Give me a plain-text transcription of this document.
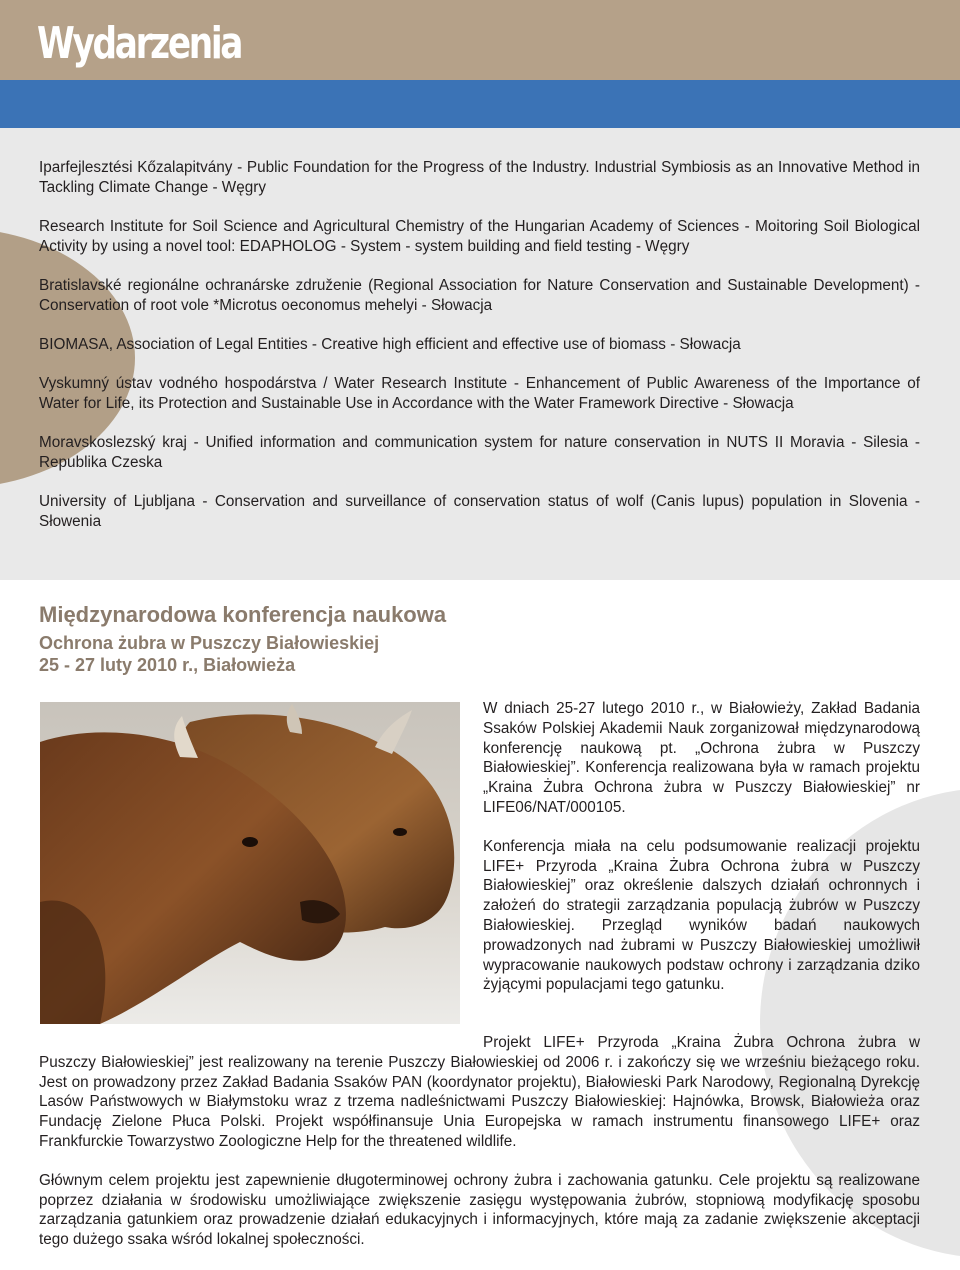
Wydarzenia

Iparfejlesztési Kőzalapitvány - Public Foundation for the Progress of the Industry. Industrial Symbiosis as an Innovative Method in Tackling Climate Change - Węgry

Research Institute for Soil Science and Agricultural Chemistry of the Hungarian Academy of Sciences - Moitoring Soil Biological Activity by using a novel tool: EDAPHOLOG - System - system building and field testing - Węgry

Bratislavské regionálne ochranárske združenie (Regional Association for Nature Conservation and Sustainable Development) - Conservation of root vole *Microtus oeconomus mehelyi - Słowacja

BIOMASA, Association of Legal Entities - Creative high efficient and effective use of biomass - Słowacja

Vyskumný ústav vodného hospodárstva / Water Research Institute - Enhancement of Public Awareness of the Importance of Water for Life, its Protection and Sustainable Use in Accordance with the Water Framework Directive - Słowacja

Moravskoslezský kraj - Unified information and communication system for nature conservation in NUTS II Moravia - Silesia - Republika Czeska

University of Ljubljana - Conservation and surveillance of conservation status of wolf (Canis lupus) population in Slovenia - Słowenia

Międzynarodowa konferencja naukowa
Ochrona żubra w Puszczy Białowieskiej
25 - 27 luty 2010 r., Białowieża

W dniach 25-27 lutego 2010 r., w Białowieży, Zakład Badania Ssaków Polskiej Akademii Nauk zorganizował międzynarodową konferencję naukową pt. „Ochrona żubra w Puszczy Białowieskiej”. Konferencja realizowana była w ramach projektu „Kraina Żubra Ochrona żubra w Puszczy Białowieskiej” nr LIFE06/NAT/000105.

Konferencja miała na celu podsumowanie realizacji projektu LIFE+ Przyroda „Kraina Żubra Ochrona żubra w Puszczy Białowieskiej” oraz określenie dalszych działań ochronnych i założeń do strategii zarządzania populacją żubrów w Puszczy Białowieskiej. Przegląd wyników badań naukowych prowadzonych nad żubrami w Puszczy Białowieskiej umożliwił wypracowanie naukowych podstaw ochrony i zarządzania dziko żyjącymi populacjami tego gatunku.

Projekt LIFE+ Przyroda „Kraina Żubra Ochrona żubra w Puszczy Białowieskiej” jest realizowany na terenie Puszczy Białowieskiej od 2006 r. i zakończy się we wrześniu bieżącego roku. Jest on prowadzony przez Zakład Badania Ssaków PAN (koordynator projektu), Białowieski Park Narodowy, Regionalną Dyrekcję Lasów Państwowych w Białymstoku wraz z trzema nadleśnictwami Puszczy Białowieskiej: Hajnówka, Browsk, Białowieża oraz Fundację Zielone Płuca Polski. Projekt współfinansuje Unia Europejska w ramach instrumentu finansowego LIFE+ oraz Frankfurckie Towarzystwo Zoologiczne Help for the threatened wildlife.

Głównym celem projektu jest zapewnienie długoterminowej ochrony żubra i zachowania gatunku. Cele projektu są realizowane poprzez działania w środowisku umożliwiające zwiększenie zasięgu występowania żubrów, stopniową modyfikację sposobu zarządzania gatunkiem oraz prowadzenie działań edukacyjnych i informacyjnych, które mają za zadanie zwiększenie akceptacji tego dużego ssaka wśród lokalnej społeczności.
